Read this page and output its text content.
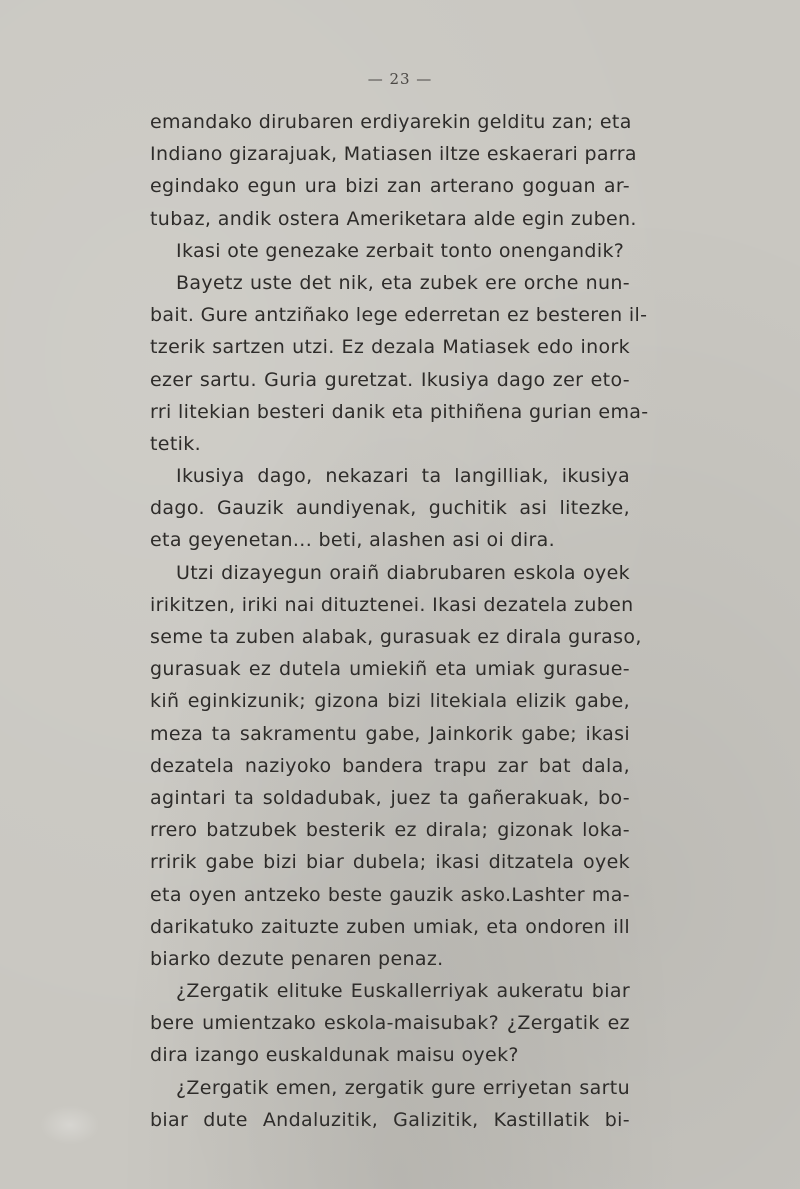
— 23 —
emandako dirubaren erdiyarekin gelditu zan; eta
Indiano gizarajuak, Matiasen iltze eskaerari parra
egindako egun ura bizi zan arterano goguan ar-
tubaz, andik ostera Ameriketara alde egin zuben.
Ikasi ote genezake zerbait tonto onengandik?
Bayetz uste det nik, eta zubek ere orche nun-
bait. Gure antziñako lege ederretan ez besteren il-
tzerik sartzen utzi. Ez dezala Matiasek edo inork
ezer sartu. Guria guretzat. Ikusiya dago zer eto-
rri litekian besteri danik eta pithiñena gurian ema-
tetik.
Ikusiya dago, nekazari ta langilliak, ikusiya
dago. Gauzik aundiyenak, guchitik asi litezke,
eta geyenetan... beti, alashen asi oi dira.
Utzi dizayegun oraiñ diabrubaren eskola oyek
irikitzen, iriki nai dituztenei. Ikasi dezatela zuben
seme ta zuben alabak, gurasuak ez dirala guraso,
gurasuak ez dutela umiekiñ eta umiak gurasue-
kiñ eginkizunik; gizona bizi litekiala elizik gabe,
meza ta sakramentu gabe, Jainkorik gabe; ikasi
dezatela naziyoko bandera trapu zar bat dala,
agintari ta soldadubak, juez ta gañerakuak, bo-
rrero batzubek besterik ez dirala; gizonak loka-
rririk gabe bizi biar dubela; ikasi ditzatela oyek
eta oyen antzeko beste gauzik asko.Lashter ma-
darikatuko zaituzte zuben umiak, eta ondoren ill
biarko dezute penaren penaz.
¿Zergatik elituke Euskallerriyak aukeratu biar
bere umientzako eskola-maisubak? ¿Zergatik ez
dira izango euskaldunak maisu oyek?
¿Zergatik emen, zergatik gure erriyetan sartu
biar dute Andaluzitik, Galizitik, Kastillatik bi-
